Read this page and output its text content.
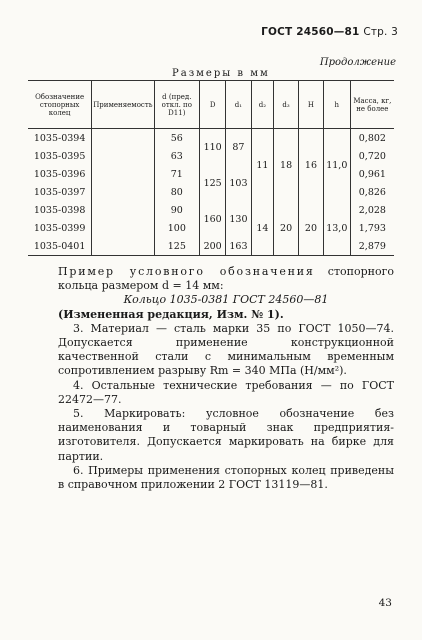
ГОСТ 24560—81 Стр. 3
Продолжение
Размеры в мм
Обозначение стопорных колец	Применяемость	d (пред. откл. по D11)	D	d₁	d₂	d₃	H	h	Масса, кг, не более
1035-0394		56	110	87	11	18	16	11,0	0,802
1035-0395		63							0,720
1035-0396		71	125	103					0,961
1035-0397		80							0,826
1035-0398		90	160	130	14	20	20	13,0	2,028
1035-0399		100							1,793
1035-0401		125	200	163					2,879

Пример условного обозначения стопорного кольца размером d = 14 мм:

Кольцо 1035-0381 ГОСТ 24560—81

(Измененная редакция, Изм. № 1).

3. Материал — сталь марки 35 по ГОСТ 1050—74. Допускается применение конструкционной качественной стали с минимальным временным сопротивлением разрыву Rm = 340 МПа (Н/мм²).

4. Остальные технические требования — по ГОСТ 22472—77.

5. Маркировать: условное обозначение без наименования и товарный знак предприятия-изготовителя. Допускается маркировать на бирке для партии.

6. Примеры применения стопорных колец приведены в справочном приложении 2 ГОСТ 13119—81.

43
